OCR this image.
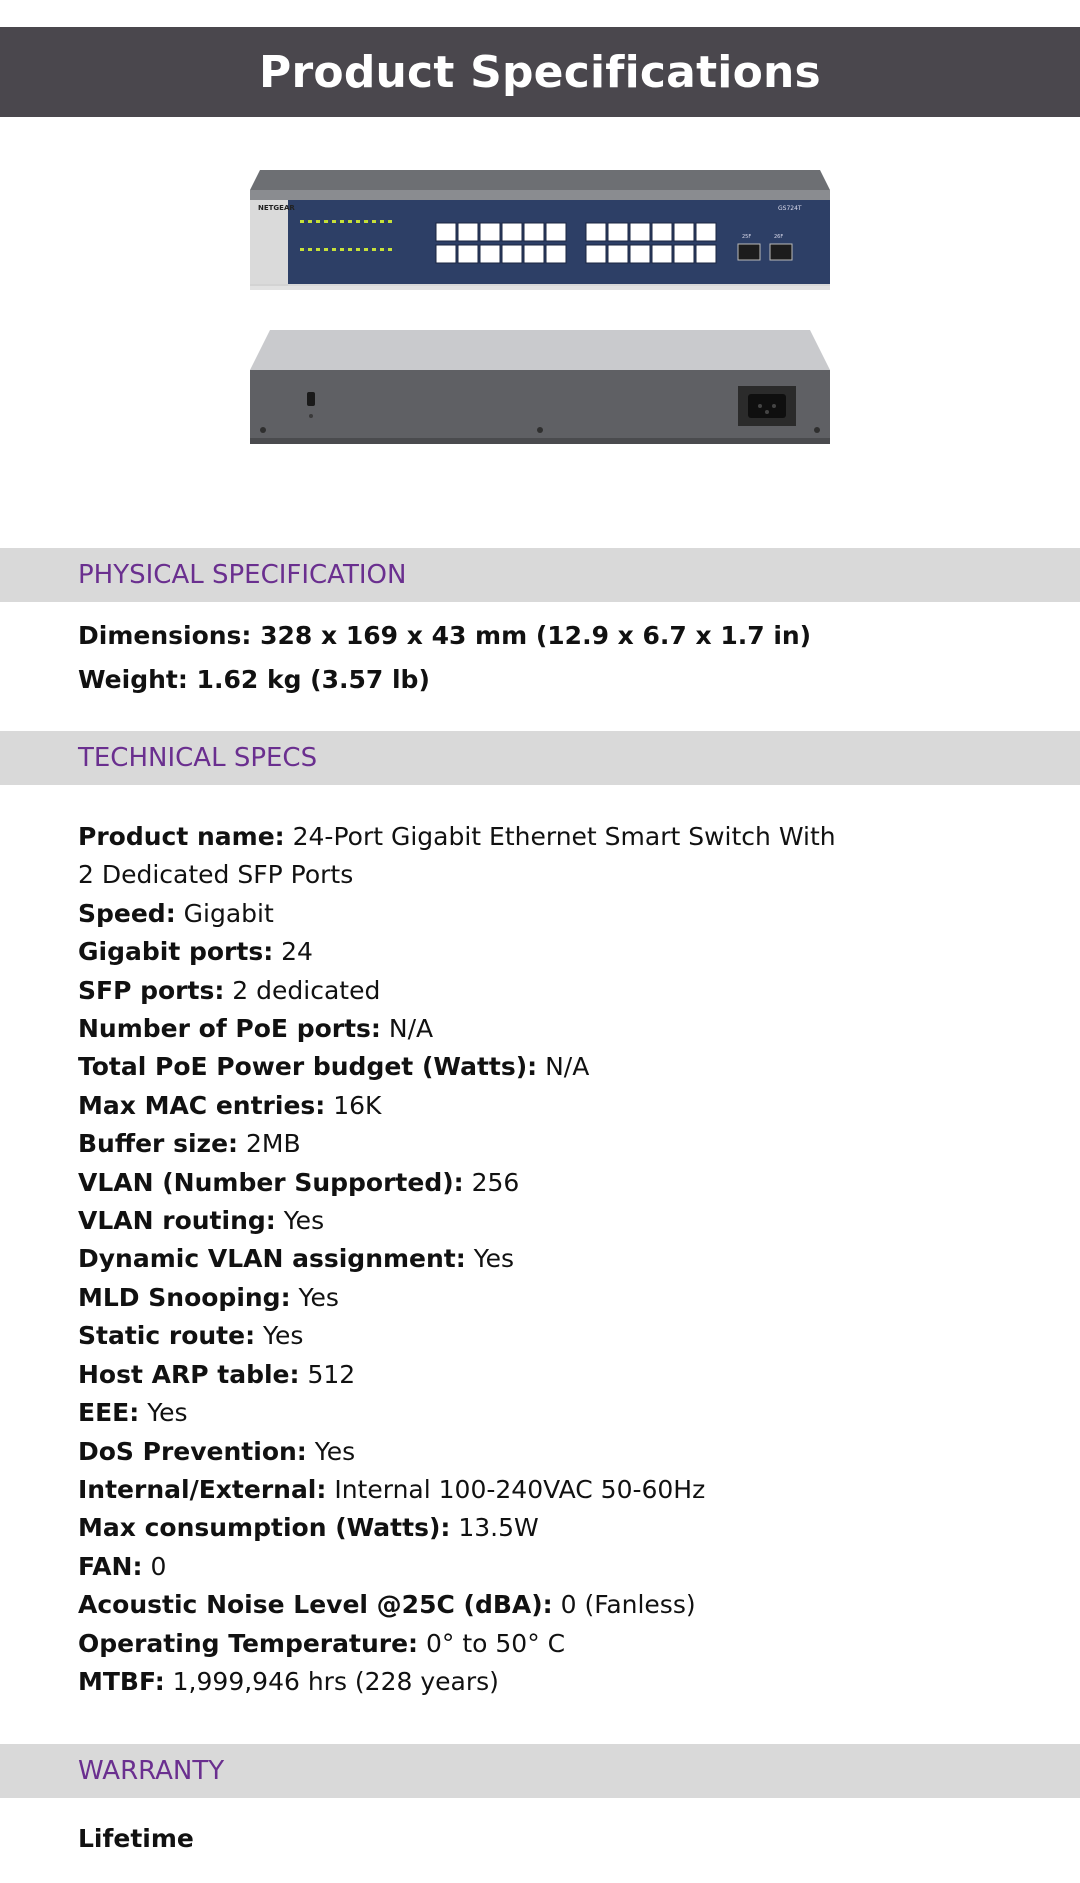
Product Specifications
NETGEAR	GS724T
25F	26F
PHYSICAL SPECIFICATION
Dimensions: 328 x 169 x 43 mm (12.9 x 6.7 x 1.7 in)
Weight: 1.62 kg (3.57 lb)
TECHNICAL SPECS
Product name: 24-Port Gigabit Ethernet Smart Switch With 2 Dedicated SFP Ports
Speed: Gigabit
Gigabit ports: 24
SFP ports: 2 dedicated
Number of PoE ports: N/A
Total PoE Power budget (Watts): N/A
Max MAC entries: 16K
Buffer size: 2MB
VLAN (Number Supported): 256
VLAN routing: Yes
Dynamic VLAN assignment: Yes
MLD Snooping: Yes
Static route: Yes
Host ARP table: 512
EEE: Yes
DoS Prevention: Yes
Internal/External: Internal 100-240VAC 50-60Hz
Max consumption (Watts): 13.5W
FAN: 0
Acoustic Noise Level @25C (dBA): 0 (Fanless)
Operating Temperature: 0° to 50° C
MTBF: 1,999,946 hrs (228 years)
WARRANTY
Lifetime
